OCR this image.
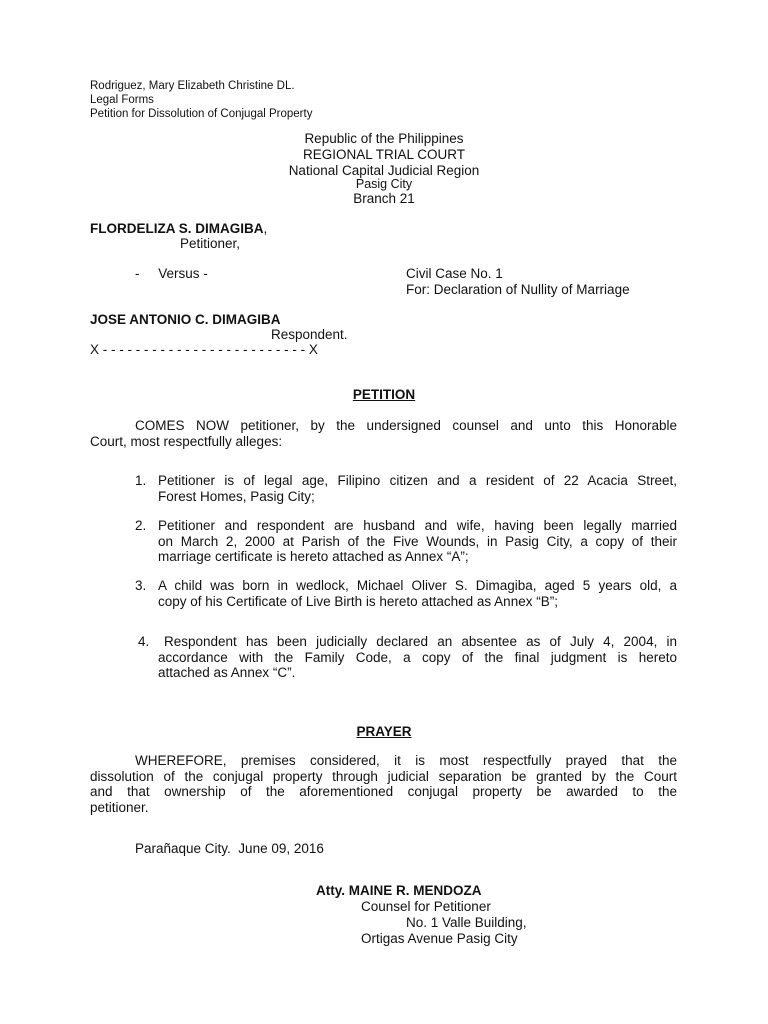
Rodriguez, Mary Elizabeth Christine DL.
Legal Forms
Petition for Dissolution of Conjugal Property
Republic of the Philippines
REGIONAL TRIAL COURT
National Capital Judicial Region
Pasig City
Branch 21
FLORDELIZA S. DIMAGIBA,
Petitioner,
-     Versus -	Civil Case No. 1
For: Declaration of Nullity of Marriage
JOSE ANTONIO C. DIMAGIBA
Respondent.
X - - - - - - - - - - - - - - - - - - - - - - - - - X
PETITION
COMES NOW petitioner, by the undersigned counsel and unto this Honorable
Court, most respectfully alleges:
1. Petitioner is of legal age, Filipino citizen and a resident of 22 Acacia Street,
Forest Homes, Pasig City;
2. Petitioner and respondent are husband and wife, having been legally married
on March 2, 2000 at Parish of the Five Wounds, in Pasig City, a copy of their
marriage certificate is hereto attached as Annex “A”;
3. A child was born in wedlock, Michael Oliver S. Dimagiba, aged 5 years old, a
copy of his Certificate of Live Birth is hereto attached as Annex “B”;
4.	Respondent has been judicially declared an absentee as of July 4, 2004, in
accordance with the Family Code, a copy of the final judgment is hereto
attached as Annex “C”.
PRAYER
WHEREFORE, premises considered, it is most respectfully prayed that the
dissolution of the conjugal property through judicial separation be granted by the Court
and that ownership of the aforementioned conjugal property be awarded to the
petitioner.
Parañaque City.  June 09, 2016
Atty. MAINE R. MENDOZA
Counsel for Petitioner
No. 1 Valle Building,
Ortigas Avenue Pasig City
